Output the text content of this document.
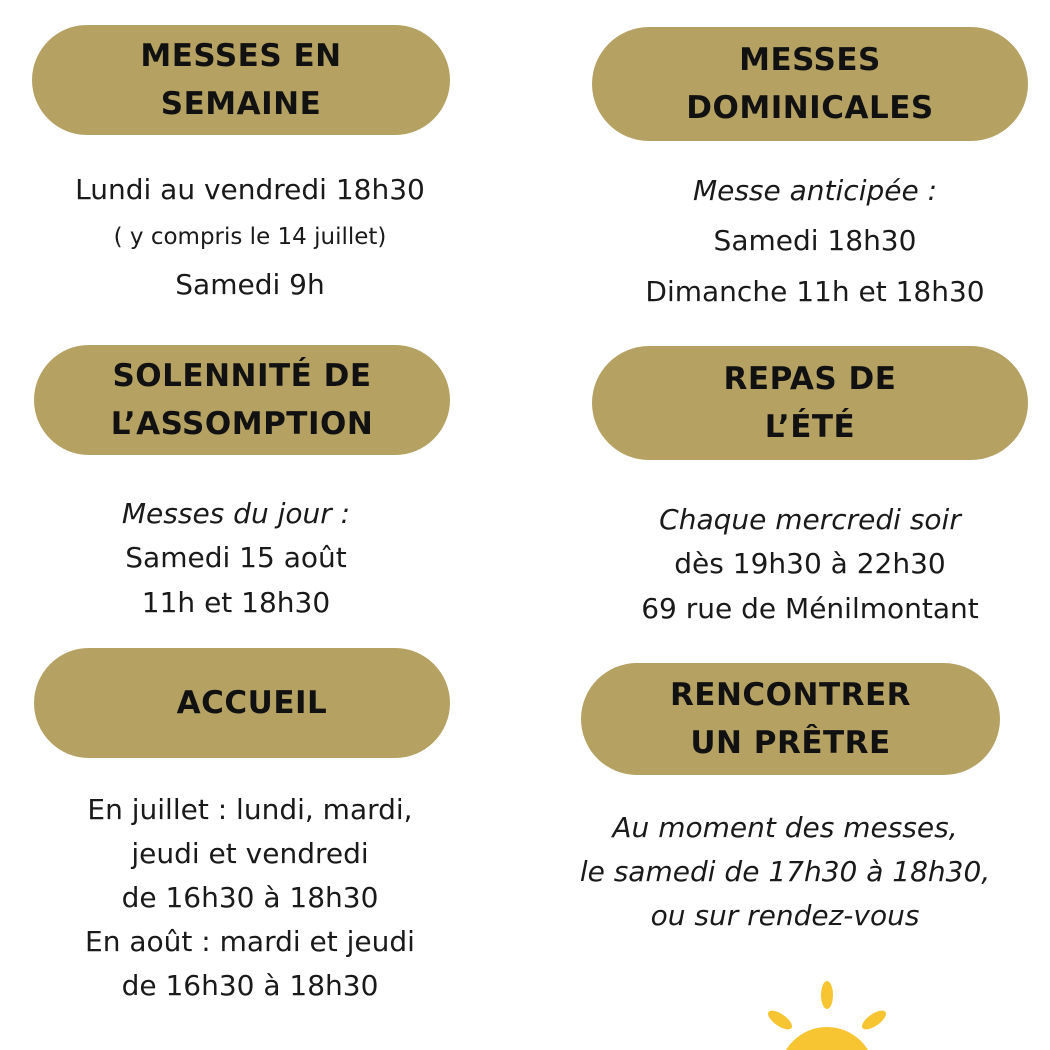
MESSES EN
SEMAINE
Lundi au vendredi 18h30
( y compris le 14 juillet)
Samedi 9h
MESSES
DOMINICALES
Messe anticipée :
Samedi 18h30
Dimanche 11h et 18h30
SOLENNITÉ DE
L’ASSOMPTION
Messes du jour :
Samedi 15 août
11h et 18h30
REPAS DE
L’ÉTÉ
Chaque mercredi soir
dès 19h30 à 22h30
69 rue de Ménilmontant
ACCUEIL
En juillet : lundi, mardi,
jeudi et vendredi
de 16h30 à 18h30
En août : mardi et jeudi
de 16h30 à 18h30
RENCONTRER
UN PRÊTRE
Au moment des messes,
le samedi de 17h30 à 18h30,
ou sur rendez-vous
